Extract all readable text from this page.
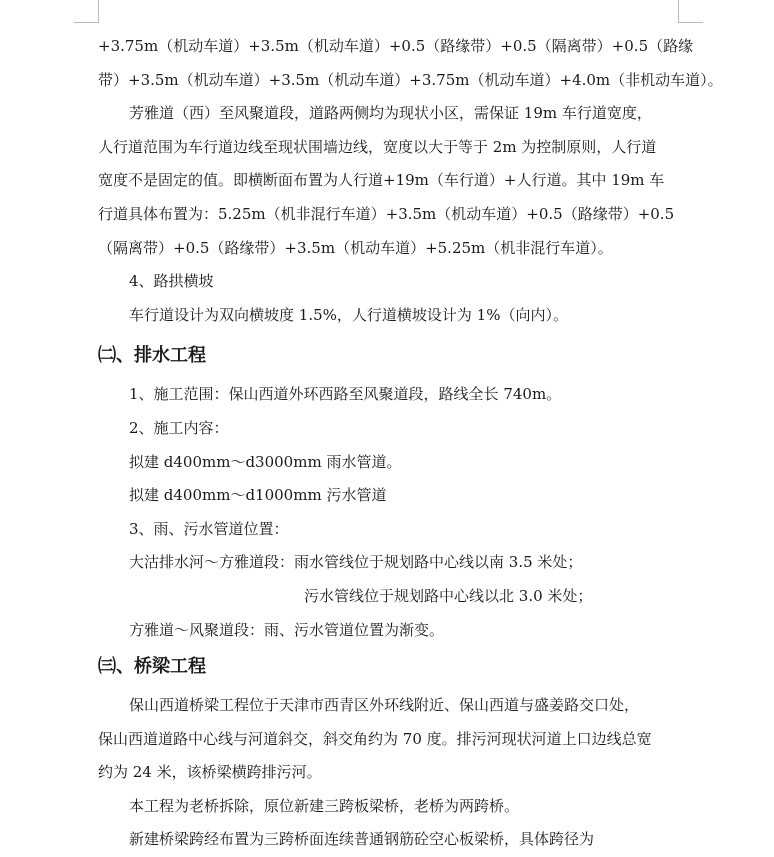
+3.75m（机动车道）+3.5m（机动车道）+0.5（路缘带）+0.5（隔离带）+0.5（路缘
带）+3.5m（机动车道）+3.5m（机动车道）+3.75m（机动车道）+4.0m（非机动车道）。
芳雅道（西）至风聚道段，道路两侧均为现状小区，需保证 19m 车行道宽度，
人行道范围为车行道边线至现状围墙边线，宽度以大于等于 2m 为控制原则，人行道
宽度不是固定的值。即横断面布置为人行道+19m（车行道）+人行道。其中 19m 车
行道具体布置为：5.25m（机非混行车道）+3.5m（机动车道）+0.5（路缘带）+0.5
（隔离带）+0.5（路缘带）+3.5m（机动车道）+5.25m（机非混行车道）。
4、路拱横坡
车行道设计为双向横坡度 1.5%，人行道横坡设计为 1%（向内）。
㈡、排水工程
1、施工范围：保山西道外环西路至风聚道段，路线全长 740m。
2、施工内容：
拟建 d400mm～d3000mm 雨水管道。
拟建 d400mm～d1000mm 污水管道
3、雨、污水管道位置：
大沽排水河～方雅道段：雨水管线位于规划路中心线以南 3.5 米处；
污水管线位于规划路中心线以北 3.0 米处；
方雅道～风聚道段：雨、污水管道位置为渐变。
㈢、桥梁工程
保山西道桥梁工程位于天津市西青区外环线附近、保山西道与盛姜路交口处，
保山西道道路中心线与河道斜交，斜交角约为 70 度。排污河现状河道上口边线总宽
约为 24 米，该桥梁横跨排污河。
本工程为老桥拆除，原位新建三跨板梁桥，老桥为两跨桥。
新建桥梁跨经布置为三跨桥面连续普通钢筋砼空心板梁桥，具体跨径为
